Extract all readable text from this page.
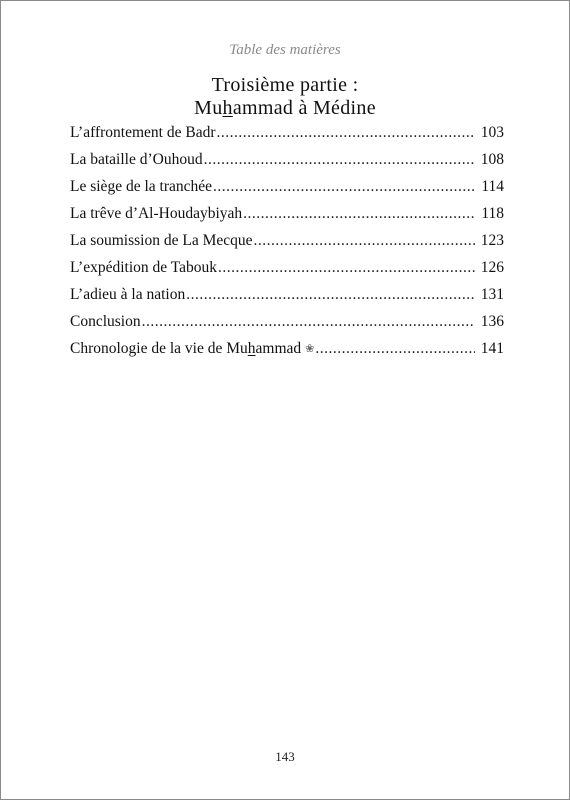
Table des matières
Troisième partie :
Muhammad à Médine
L’affrontement de Badr .....	103
La bataille d’Ouhoud .....	108
Le siège de la tranchée .....	114
La trêve d’Al-Houdaybiyah .....	118
La soumission de La Mecque .....	123
L’expédition de Tabouk .....	126
L’adieu à la nation .....	131
Conclusion .....	136
Chronologie de la vie de Muhammad ❀ .....	141
143
